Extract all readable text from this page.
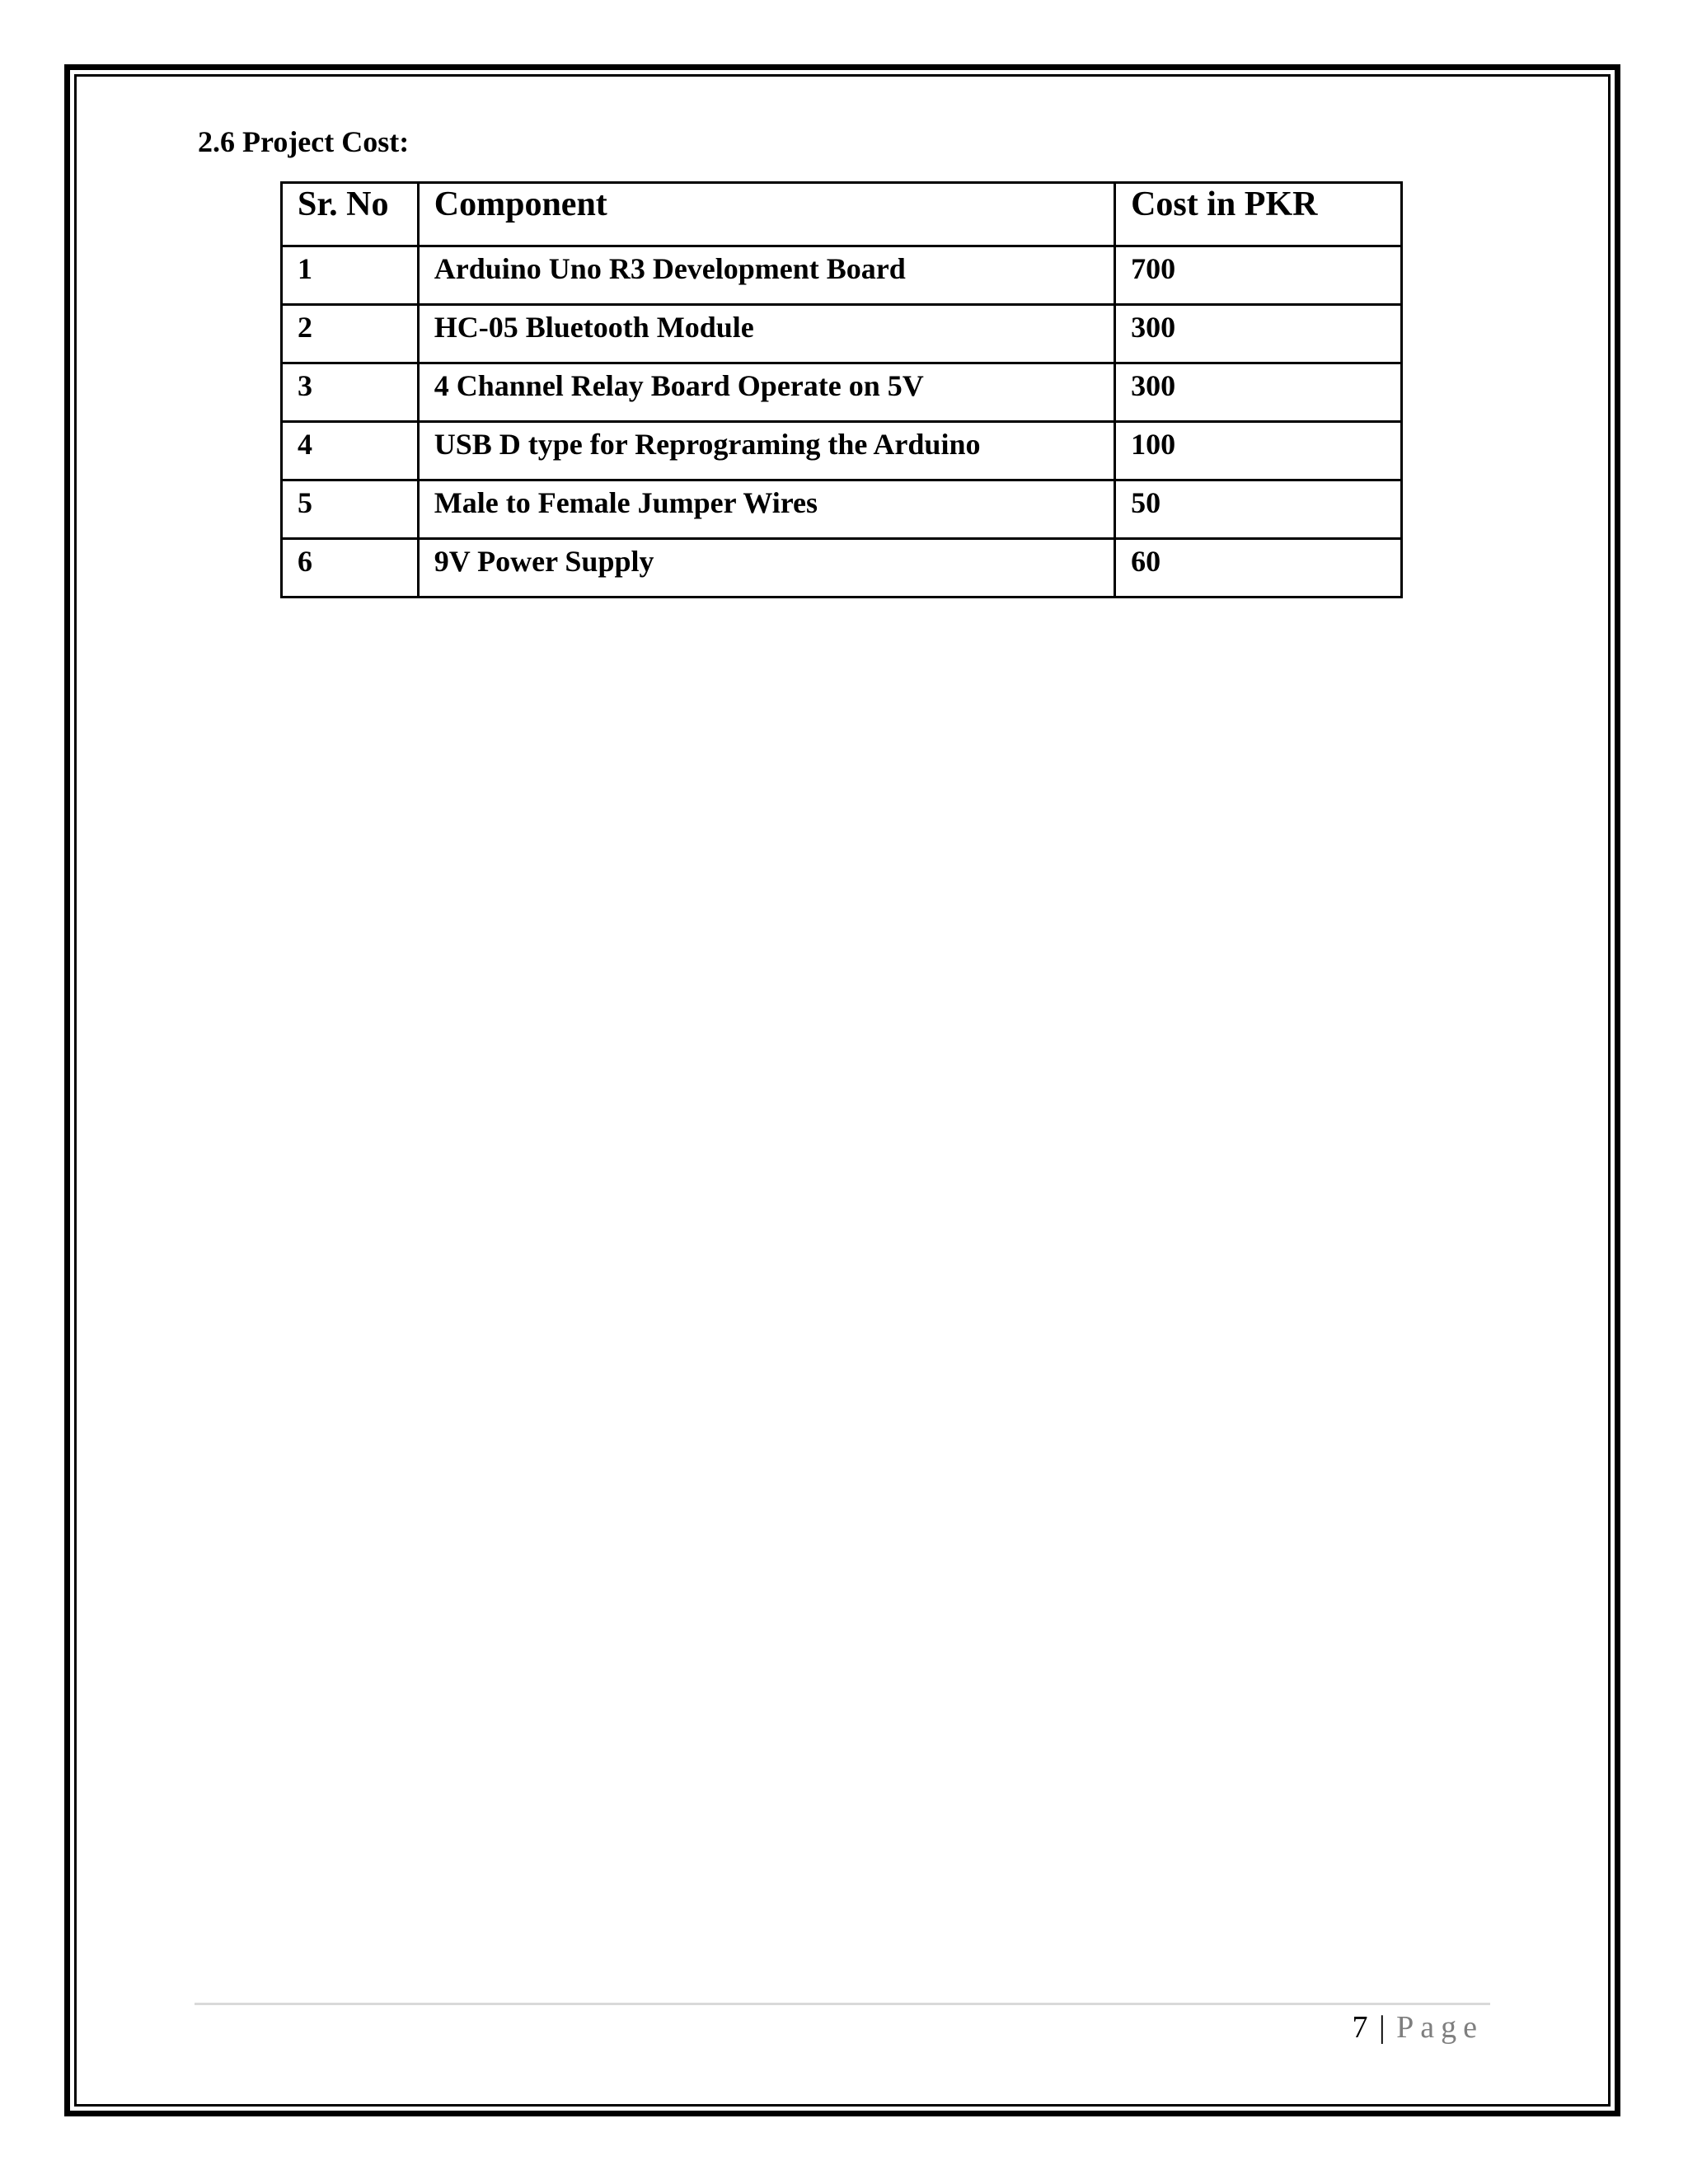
2.6 Project Cost:
Sr. No	Component	Cost in PKR
1	Arduino Uno R3 Development Board	700
2	HC-05 Bluetooth Module	300
3	4 Channel Relay Board Operate on 5V	300
4	USB D type for Reprograming the Arduino	100
5	Male to Female Jumper Wires	50
6	9V Power Supply	60
7 | Page
